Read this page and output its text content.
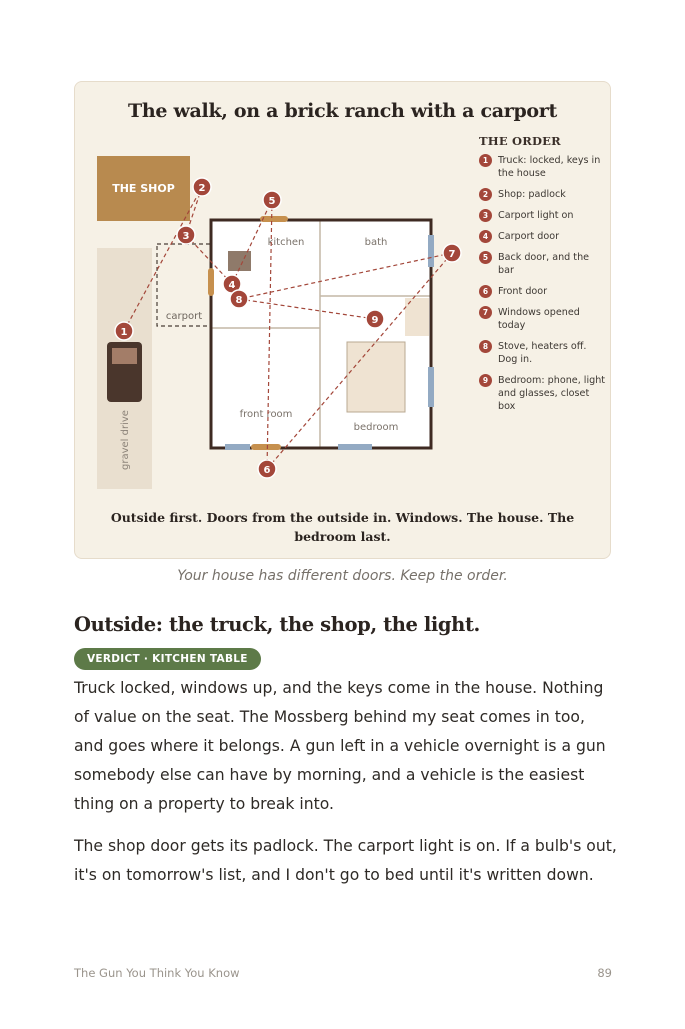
The walk, on a brick ranch with a carport
gravel drive
THE SHOP
carport
kitchen	bath
front room
bedroom
1
2
3
4
5
6
7
8
9
THE ORDER
1	Truck: locked, keys in the house
2	Shop: padlock
3	Carport light on
4	Carport door
5	Back door, and the bar
6	Front door
7	Windows opened today
8	Stove, heaters off. Dog in.
9	Bedroom: phone, light and glasses, closet box
Outside first. Doors from the outside in. Windows. The house. The bedroom last.
Your house has different doors. Keep the order.
Outside: the truck, the shop, the light.
VERDICT · KITCHEN TABLE

Truck locked, windows up, and the keys come in the house. Nothing of value on the seat. The Mossberg behind my seat comes in too, and goes where it belongs. A gun left in a vehicle overnight is a gun somebody else can have by morning, and a vehicle is the easiest thing on a property to break into.

The shop door gets its padlock. The carport light is on. If a bulb's out, it's on tomorrow's list, and I don't go to bed until it's written down.

The Gun You Think You Know	89
